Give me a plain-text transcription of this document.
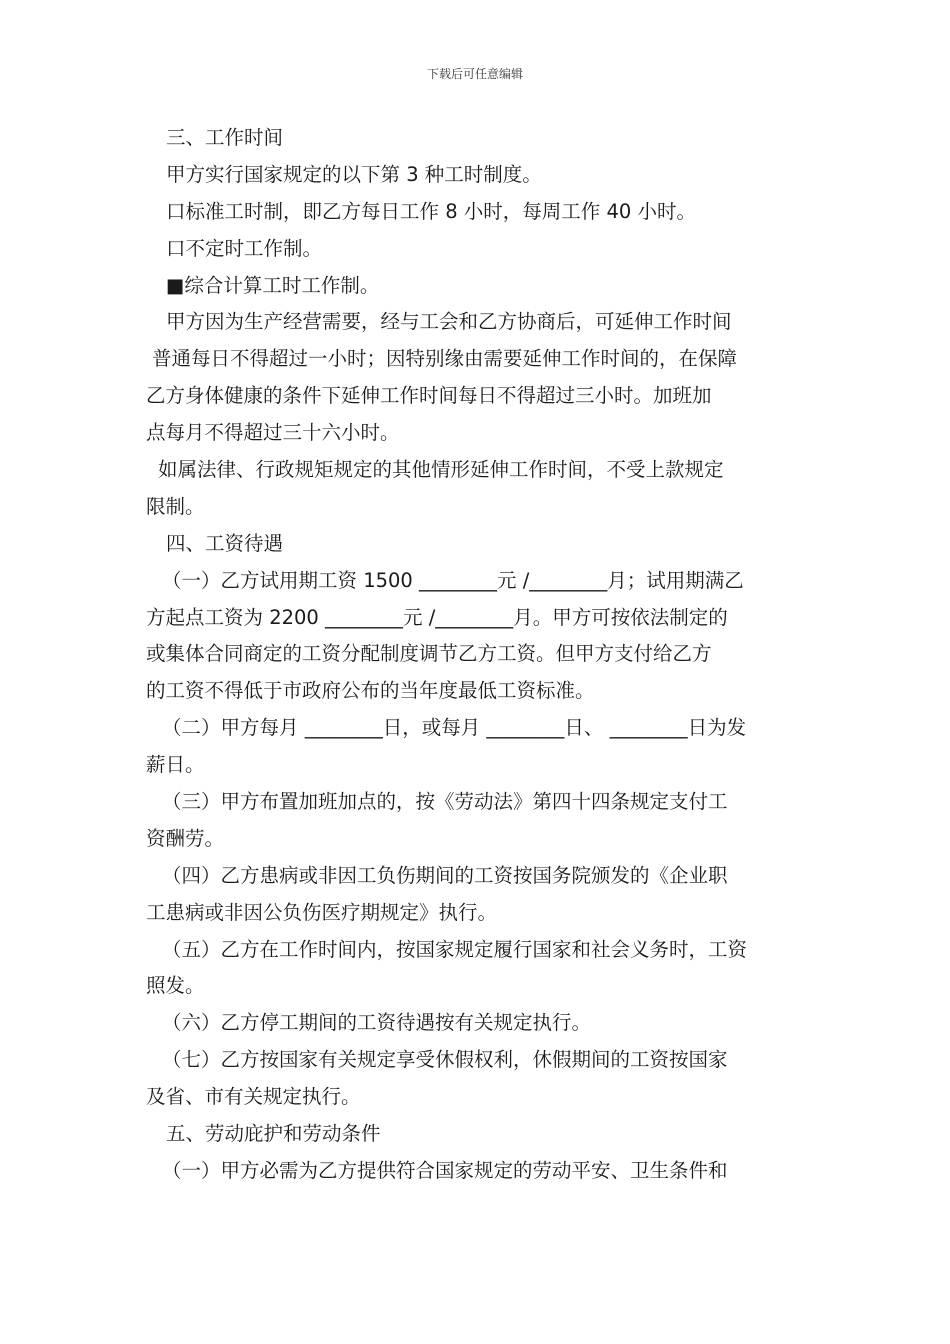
下载后可任意编辑
三、工作时间
甲方实行国家规定的以下第 3 种工时制度。
口标准工时制，即乙方每日工作 8 小时，每周工作 40 小时。
口不定时工作制。
■综合计算工时工作制。
甲方因为生产经营需要，经与工会和乙方协商后，可延伸工作时间
普通每日不得超过一小时；因特别缘由需要延伸工作时间的，在保障
乙方身体健康的条件下延伸工作时间每日不得超过三小时。加班加
点每月不得超过三十六小时。
如属法律、行政规矩规定的其他情形延伸工作时间，不受上款规定
限制。
四、工资待遇
（一）乙方试用期工资 1500 ________元 /________月；试用期满乙
方起点工资为 2200 ________元 /________月。甲方可按依法制定的
或集体合同商定的工资分配制度调节乙方工资。但甲方支付给乙方
的工资不得低于市政府公布的当年度最低工资标准。
（二）甲方每月 ________日，或每月 ________日、 ________日为发
薪日。
（三）甲方布置加班加点的，按《劳动法》第四十四条规定支付工
资酬劳。
（四）乙方患病或非因工负伤期间的工资按国务院颁发的《企业职
工患病或非因公负伤医疗期规定》执行。
（五）乙方在工作时间内，按国家规定履行国家和社会义务时，工资
照发。
（六）乙方停工期间的工资待遇按有关规定执行。
（七）乙方按国家有关规定享受休假权利，休假期间的工资按国家
及省、市有关规定执行。
五、劳动庇护和劳动条件
（一）甲方必需为乙方提供符合国家规定的劳动平安、卫生条件和
